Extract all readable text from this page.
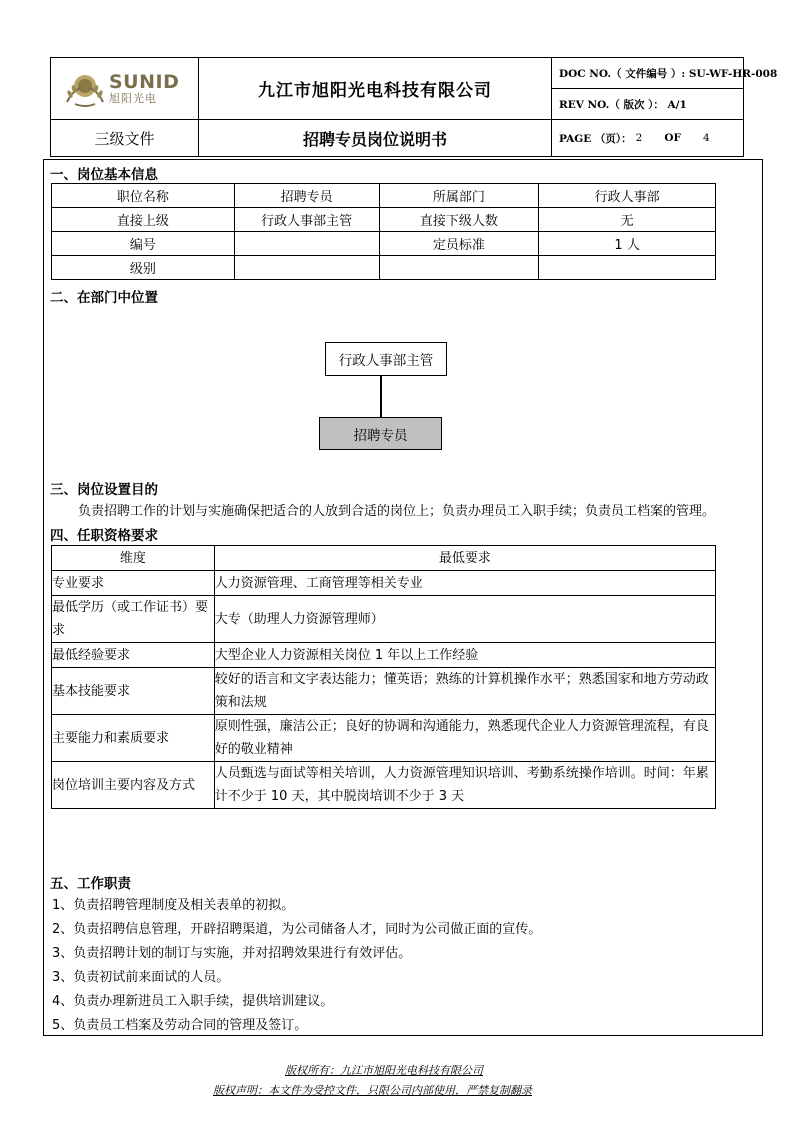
SUNID
旭阳光电
三级文件
九江市旭阳光电科技有限公司
招聘专员岗位说明书
DOC NO.（ 文件编号 ）: SU-WF-HR-008
REV NO.（ 版次 ）： A/1
PAGE （页）： 2 OF 4
一、岗位基本信息
职位名称	招聘专员	所属部门	行政人事部
直接上级	行政人事部主管	直接下级人数	无
编号		定员标准	1 人
级别			
二、在部门中位置
行政人事部主管
招聘专员
三、岗位设置目的
负责招聘工作的计划与实施确保把适合的人放到合适的岗位上；负责办理员工入职手续；负责员工档案的管理。
四、任职资格要求
维度	最低要求
专业要求	人力资源管理、工商管理等相关专业
最低学历（或工作证书）要求	大专（助理人力资源管理师）
最低经验要求	大型企业人力资源相关岗位 1 年以上工作经验
基本技能要求	较好的语言和文字表达能力；懂英语；熟练的计算机操作水平；熟悉国家和地方劳动政策和法规
主要能力和素质要求	原则性强，廉洁公正；良好的协调和沟通能力，熟悉现代企业人力资源管理流程，有良好的敬业精神
岗位培训主要内容及方式	人员甄选与面试等相关培训，人力资源管理知识培训、考勤系统操作培训。时间：年累计不少于 10 天，其中脱岗培训不少于 3 天
五、工作职责
1、负责招聘管理制度及相关表单的初拟。
2、负责招聘信息管理，开辟招聘渠道，为公司储备人才，同时为公司做正面的宣传。
3、负责招聘计划的制订与实施，并对招聘效果进行有效评估。
3、负责初试前来面试的人员。
4、负责办理新进员工入职手续，提供培训建议。
5、负责员工档案及劳动合同的管理及签订。
版权所有：九江市旭阳光电科技有限公司
版权声明：本文件为受控文件，只限公司内部使用，严禁复制翻录
